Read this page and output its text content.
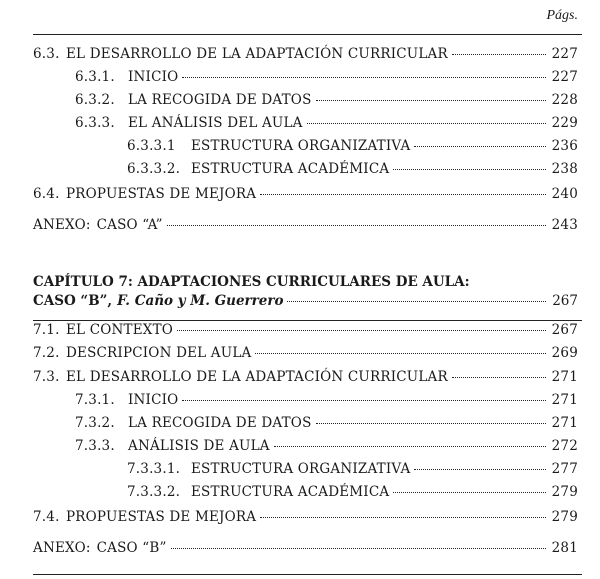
Págs.
6.3. EL DESARROLLO DE LA ADAPTACIÓN CURRICULAR	227
6.3.1. INICIO	227
6.3.2. LA RECOGIDA DE DATOS	228
6.3.3. EL ANÁLISIS DEL AULA	229
6.3.3.1	ESTRUCTURA ORGANIZATIVA	236
6.3.3.2. ESTRUCTURA ACADÉMICA	238
6.4. PROPUESTAS DE MEJORA	240
ANEXO: CASO “A”	243
CAPÍTULO 7: ADAPTACIONES CURRICULARES DE AULA:
CASO “B”, F. Caño y M. Guerrero	267
7.1. EL CONTEXTO	267
7.2. DESCRIPCION DEL AULA	269
7.3. EL DESARROLLO DE LA ADAPTACIÓN CURRICULAR	271
7.3.1. INICIO	271
7.3.2. LA RECOGIDA DE DATOS	271
7.3.3. ANÁLISIS DE AULA	272
7.3.3.1. ESTRUCTURA ORGANIZATIVA	277
7.3.3.2. ESTRUCTURA ACADÉMICA	279
7.4. PROPUESTAS DE MEJORA	279
ANEXO: CASO “B”	281
